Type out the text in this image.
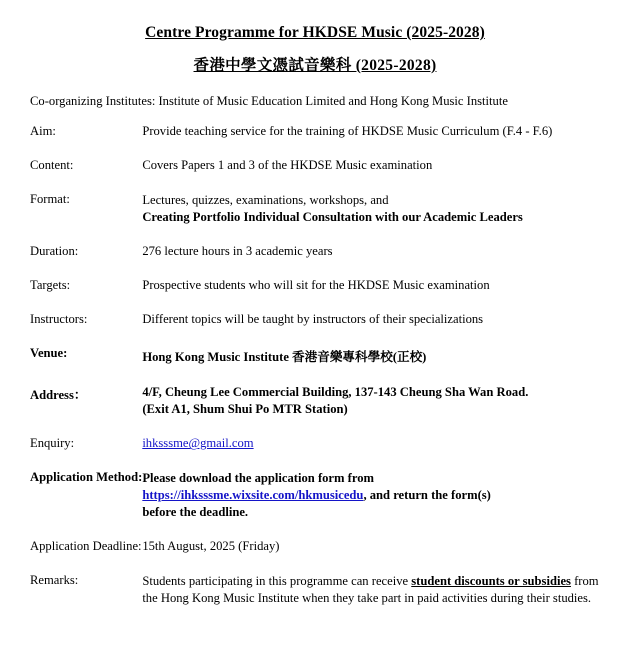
Centre Programme for HKDSE Music (2025-2028)
香港中學文憑試音樂科 (2025-2028)
Co-organizing Institutes: Institute of Music Education Limited and Hong Kong Music Institute
Aim:	Provide teaching service for the training of HKDSE Music Curriculum (F.4 - F.6)

Content:	Covers Papers 1 and 3 of the HKDSE Music examination

Format:	Lectures, quizzes, examinations, workshops, and
Creating Portfolio Individual Consultation with our Academic Leaders

Duration:	276 lecture hours in 3 academic years

Targets:	Prospective students who will sit for the HKDSE Music examination

Instructors:	Different topics will be taught by instructors of their specializations

Venue:	Hong Kong Music Institute 香港音樂專科學校(正校)

Address：	4/F, Cheung Lee Commercial Building, 137-143 Cheung Sha Wan Road.
(Exit A1, Shum Shui Po MTR Station)

Enquiry:	ihksssme@gmail.com

Application Method:	Please download the application form from
https://ihksssme.wixsite.com/hkmusicedu, and return the form(s)
before the deadline.

Application Deadline:	15th August, 2025 (Friday)

Remarks:	Students participating in this programme can receive student discounts or subsidies from the Hong Kong Music Institute when they take part in paid activities during their studies.
